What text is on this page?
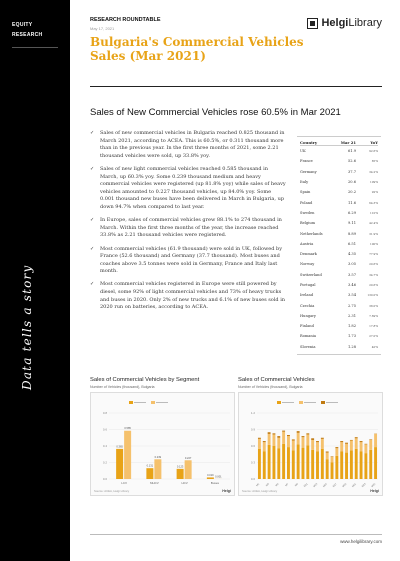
EQUITY
RESEARCH
Data tells a story
RESEARCH ROUNDTABLE
May 17, 2021
Bulgaria's Commercial Vehicles Sales (Mar 2021)
HelgiLibrary
Sales of New Commercial Vehicles rose 60.5% in Mar 2021
✓ Sales of new commercial vehicles in Bulgaria reached 0.825 thousand in March 2021, according to ACEA. This is 60.5%, or 0.311 thousand more than in the previous year. In the first three months of 2021, some 2.21 thousand vehicles were sold, up 33.8% yoy.
✓ Sales of new light commercial vehicles reached 0.585 thousand in March, up 60.3% yoy. Some 0.239 thousand medium and heavy commercial vehicles were registered (up 81.8% yoy) while sales of heavy vehicles amounted to 0.227 thousand vehicles, up 84.0% yoy. Some 0.001 thousand new buses have been delivered in March in Bulgaria, up down 94.7% when compared to last year.
✓ In Europe, sales of commercial vehicles grew 88.1% to 274 thousand in March. Within the first three months of the year, the increase reached 33.8% as 2.21 thousand vehicles were registered.
✓ Most commercial vehicles (61.9 thousand) were sold in UK, followed by France (52.6 thousand) and Germany (37.7 thousand). Most buses and coaches above 3.5 tonnes were sold in Germany, France and Italy last month.
✓ Most commercial vehicles registered in Europe were still powered by diesel, some 92% of light commercial vehicles and 73% of heavy trucks and buses in 2020. Only 2% of new trucks and 6.1% of new buses sold in 2020 run on batteries, according to ACEA.
Country	Mar 21	YoY
UK	61.9	92.6%
France	52.6	85%
Germany	37.7	34.2%
Italy	20.6	109%
Spain	20.2	92%
Poland	11.6	64.3%
Sweden	6.29	110%
Belgium	9.11	42.4%
Netherlands	8.89	31.9%
Austria	6.51	100%
Denmark	4.35	77.9%
Norway	3.05	20.6%
Switzerland	3.57	34.7%
Portugal	3.46	20.6%
Ireland	3.54	130.0%
Czechia	2.75	38.0%
Hungary	2.31	7.69%
Finland	1.82	17.8%
Romania	1.73	27.0%
Slovenia	1.28	40%
Sales of Commercial Vehicles by Segment
Number of Vehicles (thousand), Bulgaria
0.0
0.2
0.4
0.6
0.8
Source: ACEA, Helgi Library	Helgi
0.365
0.585
LCV
0.131
0.239
MHCV
0.123
0.227
HCV
0.019 0.001
Buses
Sales of Commercial Vehicles
Number of Vehicles (thousand), Bulgaria
0.0
0.3
0.6
0.9
1.2
Source: ACEA, Helgi Library	Helgi
M1 M3 M5 M7 M9 M11 M13 M15 M17 M19 M21 M23 M25
www.helgilibrary.com
